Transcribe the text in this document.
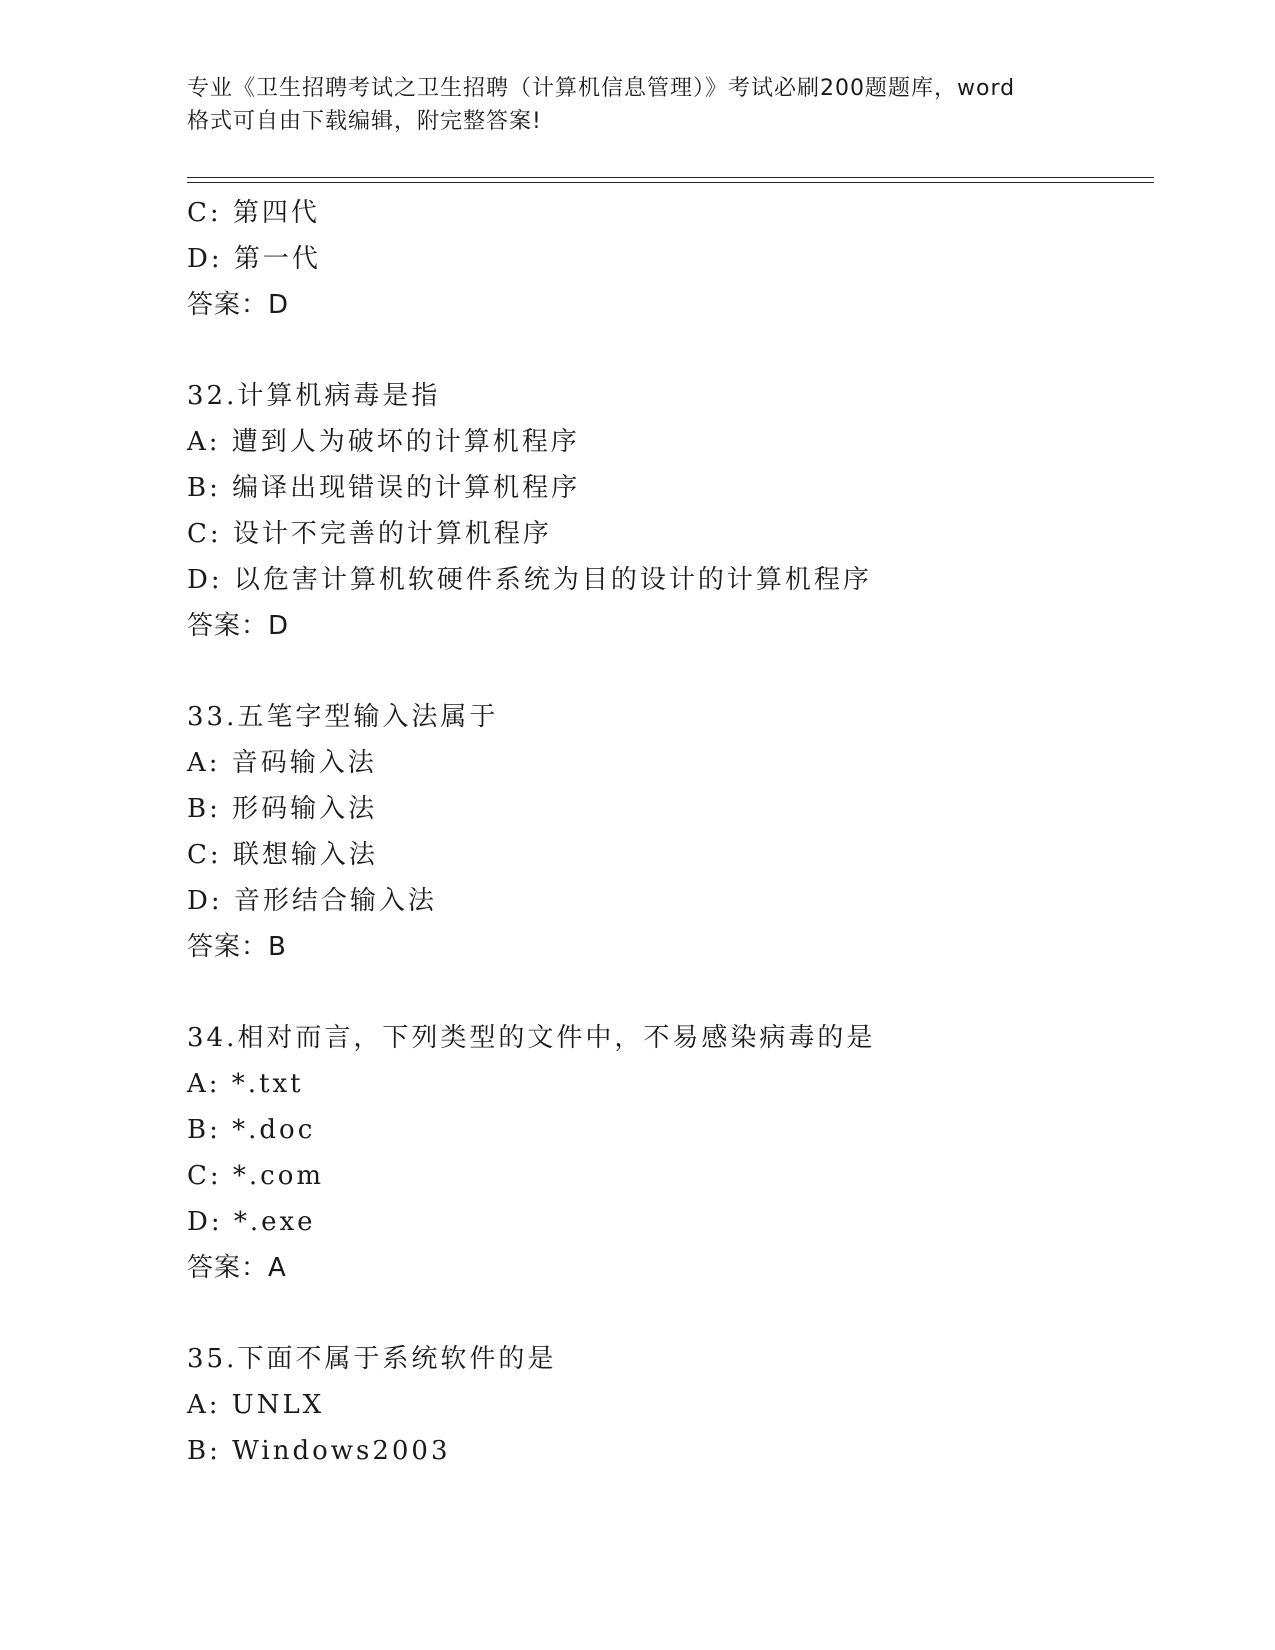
专业《卫生招聘考试之卫生招聘（计算机信息管理）》考试必刷200题题库，word
格式可自由下载编辑，附完整答案!
C: 第四代
D: 第一代
答案：D
32.计算机病毒是指
A: 遭到人为破坏的计算机程序
B: 编译出现错误的计算机程序
C: 设计不完善的计算机程序
D: 以危害计算机软硬件系统为目的设计的计算机程序
答案：D
33.五笔字型输入法属于
A: 音码输入法
B: 形码输入法
C: 联想输入法
D: 音形结合输入法
答案：B
34.相对而言，下列类型的文件中，不易感染病毒的是
A: *.txt
B: *.doc
C: *.com
D: *.exe
答案：A
35.下面不属于系统软件的是
A: UNLX
B: Windows2003
